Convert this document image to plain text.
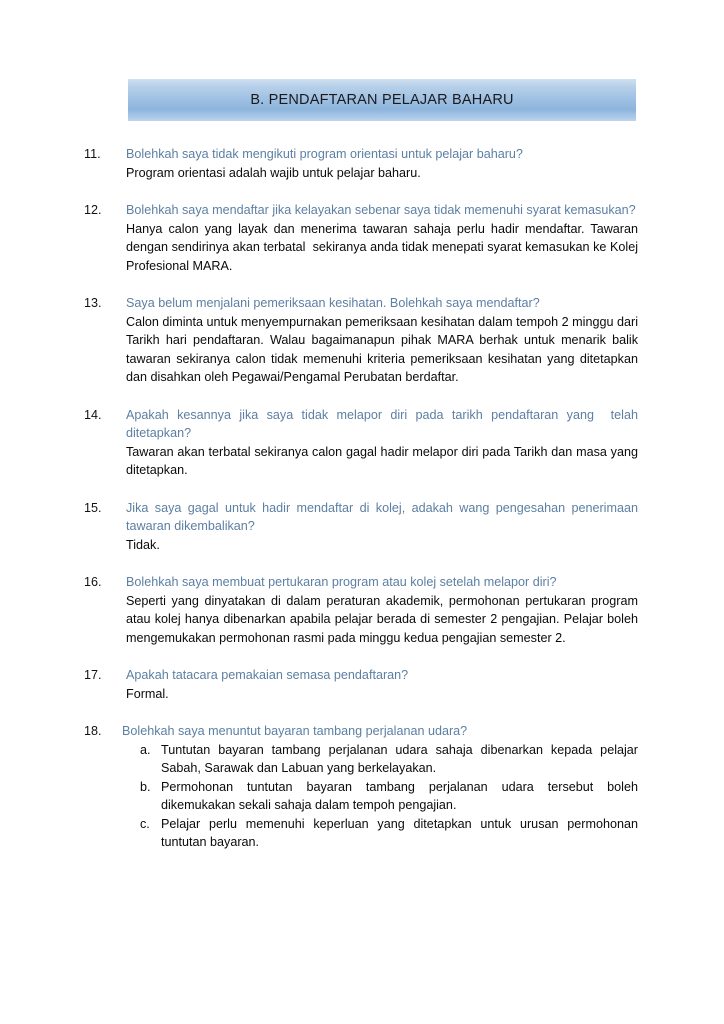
B. PENDAFTARAN PELAJAR BAHARU
11.	Bolehkah saya tidak mengikuti program orientasi untuk pelajar baharu?

Program orientasi adalah wajib untuk pelajar baharu.

12.	Bolehkah saya mendaftar jika kelayakan sebenar saya tidak memenuhi syarat kemasukan?

Hanya calon yang layak dan menerima tawaran sahaja perlu hadir mendaftar. Tawaran dengan sendirinya akan terbatal  sekiranya anda tidak menepati syarat kemasukan ke Kolej Profesional MARA.

13.	Saya belum menjalani pemeriksaan kesihatan. Bolehkah saya mendaftar?

Calon diminta untuk menyempurnakan pemeriksaan kesihatan dalam tempoh 2 minggu dari Tarikh hari pendaftaran. Walau bagaimanapun pihak MARA berhak untuk menarik balik tawaran sekiranya calon tidak memenuhi kriteria pemeriksaan kesihatan yang ditetapkan dan disahkan oleh Pegawai/Pengamal Perubatan berdaftar.

14.	Apakah kesannya jika saya tidak melapor diri pada tarikh pendaftaran yang  telah ditetapkan?

Tawaran akan terbatal sekiranya calon gagal hadir melapor diri pada Tarikh dan masa yang ditetapkan.

15.	Jika saya gagal untuk hadir mendaftar di kolej, adakah wang pengesahan penerimaan tawaran dikembalikan?

Tidak.

16.	Bolehkah saya membuat pertukaran program atau kolej setelah melapor diri?

Seperti yang dinyatakan di dalam peraturan akademik, permohonan pertukaran program atau kolej hanya dibenarkan apabila pelajar berada di semester 2 pengajian. Pelajar boleh mengemukakan permohonan rasmi pada minggu kedua pengajian semester 2.

17.	Apakah tatacara pemakaian semasa pendaftaran?

Formal.

18.	Bolehkah saya menuntut bayaran tambang perjalanan udara?

a. Tuntutan bayaran tambang perjalanan udara sahaja dibenarkan kepada pelajar Sabah, Sarawak dan Labuan yang berkelayakan.
b. Permohonan tuntutan bayaran tambang perjalanan udara tersebut boleh dikemukakan sekali sahaja dalam tempoh pengajian.
c. Pelajar perlu memenuhi keperluan yang ditetapkan untuk urusan permohonan tuntutan bayaran.
